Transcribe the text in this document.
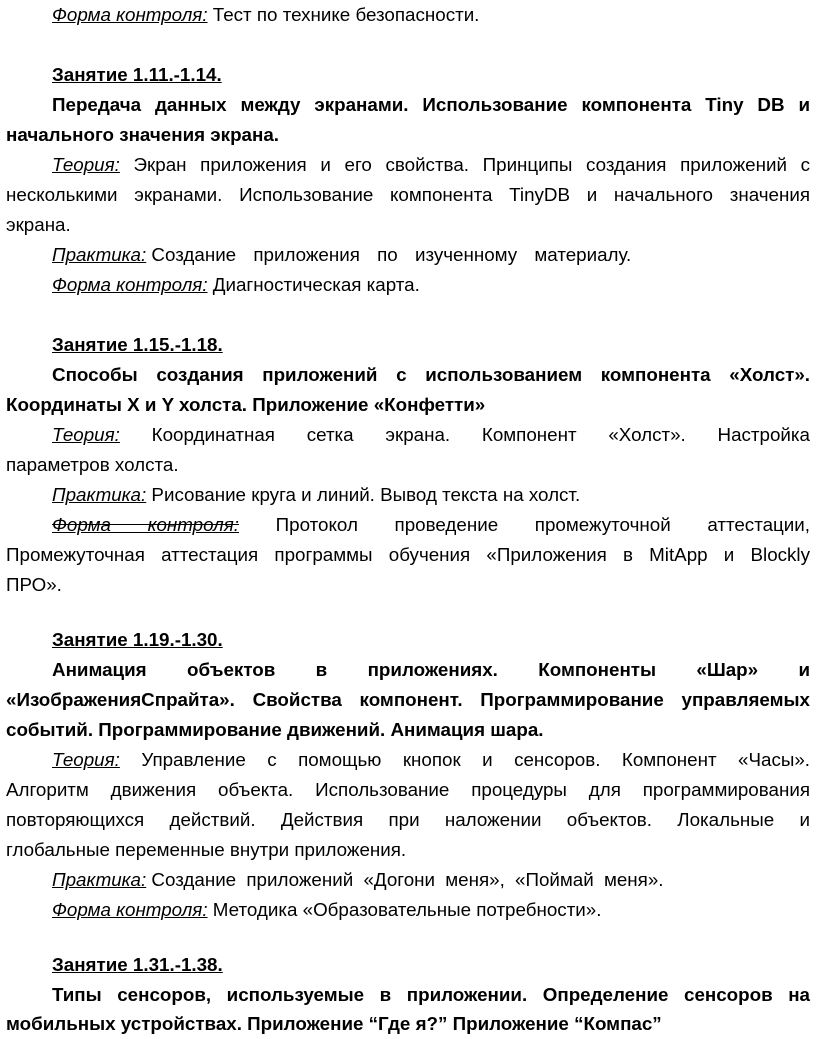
Форма контроля: Тест по технике безопасности.
Занятие 1.11.-1.14.
Передача данных между экранами. Использование компонента Tiny DB и
начального значения экрана.
Теория: Экран приложения и его свойства. Принципы создания приложений с
несколькими экранами. Использование компонента TinyDB и начального значения
экрана.
Практика: Создание приложения по изученному материалу.
Форма контроля: Диагностическая карта.
Занятие 1.15.-1.18.
Способы создания приложений с использованием компонента «Холст».
Координаты X и Y холста. Приложение «Конфетти»
Теория: Координатная сетка экрана. Компонент «Холст». Настройка
параметров холста.
Практика: Рисование круга и линий. Вывод текста на холст.
Форма контроля: Протокол проведение промежуточной аттестации,
Промежуточная аттестация программы обучения «Приложения в MitApp и Blockly
ПРО».
Занятие 1.19.-1.30.
Анимация объектов в приложениях. Компоненты «Шар» и
«ИзображенияСпрайта». Свойства компонент. Программирование управляемых
событий. Программирование движений. Анимация шара.
Теория: Управление с помощью кнопок и сенсоров. Компонент «Часы».
Алгоритм движения объекта. Использование процедуры для программирования
повторяющихся действий. Действия при наложении объектов. Локальные и
глобальные переменные внутри приложения.
Практика: Создание приложений «Догони меня», «Поймай меня».
Форма контроля: Методика «Образовательные потребности».
Занятие 1.31.-1.38.
Типы сенсоров, используемые в приложении. Определение сенсоров на
мобильных устройствах. Приложение “Где я?” Приложение “Компас”
